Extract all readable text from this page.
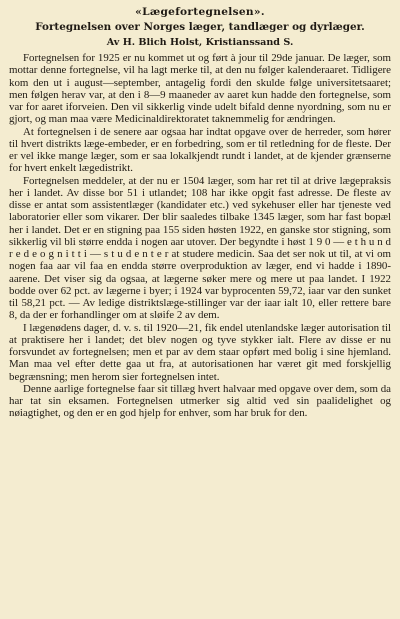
«Lægefortegnelsen».
Fortegnelsen over Norges læger, tandlæger og dyrlæger.
Av H. Blich Holst, Kristianssand S.

Fortegnelsen for 1925 er nu kommet ut og ført à jour til 29de januar. De læger, som mottar denne fortegnelse, vil ha lagt merke til, at den nu følger kalenderaaret. Tidligere kom den ut i august—september, antagelig fordi den skulde følge universitetsaaret; men følgen herav var, at den i 8—9 maaneder av aaret kun hadde den fortegnelse, som var for aaret iforveien. Den vil sikkerlig vinde udelt bifald denne nyordning, som nu er gjort, og man maa være Medicinaldirektoratet taknemmelig for ændringen.

At fortegnelsen i de senere aar ogsaa har indtat opgave over de herreder, som hører til hvert distrikts læge-embeder, er en forbedring, som er til retledning for de fleste. Der er vel ikke mange læger, som er saa lokalkjendt rundt i landet, at de kjender grænserne for hvert enkelt lægedistrikt.

Fortegnelsen meddeler, at der nu er 1504 læger, som har ret til at drive lægepraksis her i landet. Av disse bor 51 i utlandet; 108 har ikke opgit fast adresse. De fleste av disse er antat som assistentlæger (kandidater etc.) ved sykehuser eller har tjeneste ved laboratorier eller som vikarer. Der blir saaledes tilbake 1345 læger, som har fast bopæl her i landet. Det er en stigning paa 155 siden høsten 1922, en ganske stor stigning, som sikkerlig vil bli større endda i nogen aar utover. Der begyndte i høst 1 9 0 — e t h u n d r e d e o g n i t t i — s t u d e n t e r at studere medicin. Saa det ser nok ut til, at vi om nogen faa aar vil faa en endda større overproduktion av læger, end vi hadde i 1890-aarene. Det viser sig da ogsaa, at lægerne søker mere og mere ut paa landet. I 1922 bodde over 62 pct. av lægerne i byer; i 1924 var byprocenten 59,72, iaar var den sunket til 58,21 pct. — Av ledige distriktslæge-stillinger var der iaar ialt 10, eller rettere bare 8, da der er forhandlinger om at sløife 2 av dem.

I lægenødens dager, d. v. s. til 1920—21, fik endel utenlandske læger autorisation til at praktisere her i landet; det blev nogen og tyve stykker ialt. Flere av disse er nu forsvundet av fortegnelsen; men et par av dem staar opført med bolig i sine hjemland. Man maa vel efter dette gaa ut fra, at autorisationen har været git med forskjellig begrænsning; men herom sier fortegnelsen intet.

Denne aarlige fortegnelse faar sit tillæg hvert halvaar med opgave over dem, som da har tat sin eksamen. Fortegnelsen utmerker sig altid ved sin paalidelighet og nøiagtighet, og den er en god hjelp for enhver, som har bruk for den.
